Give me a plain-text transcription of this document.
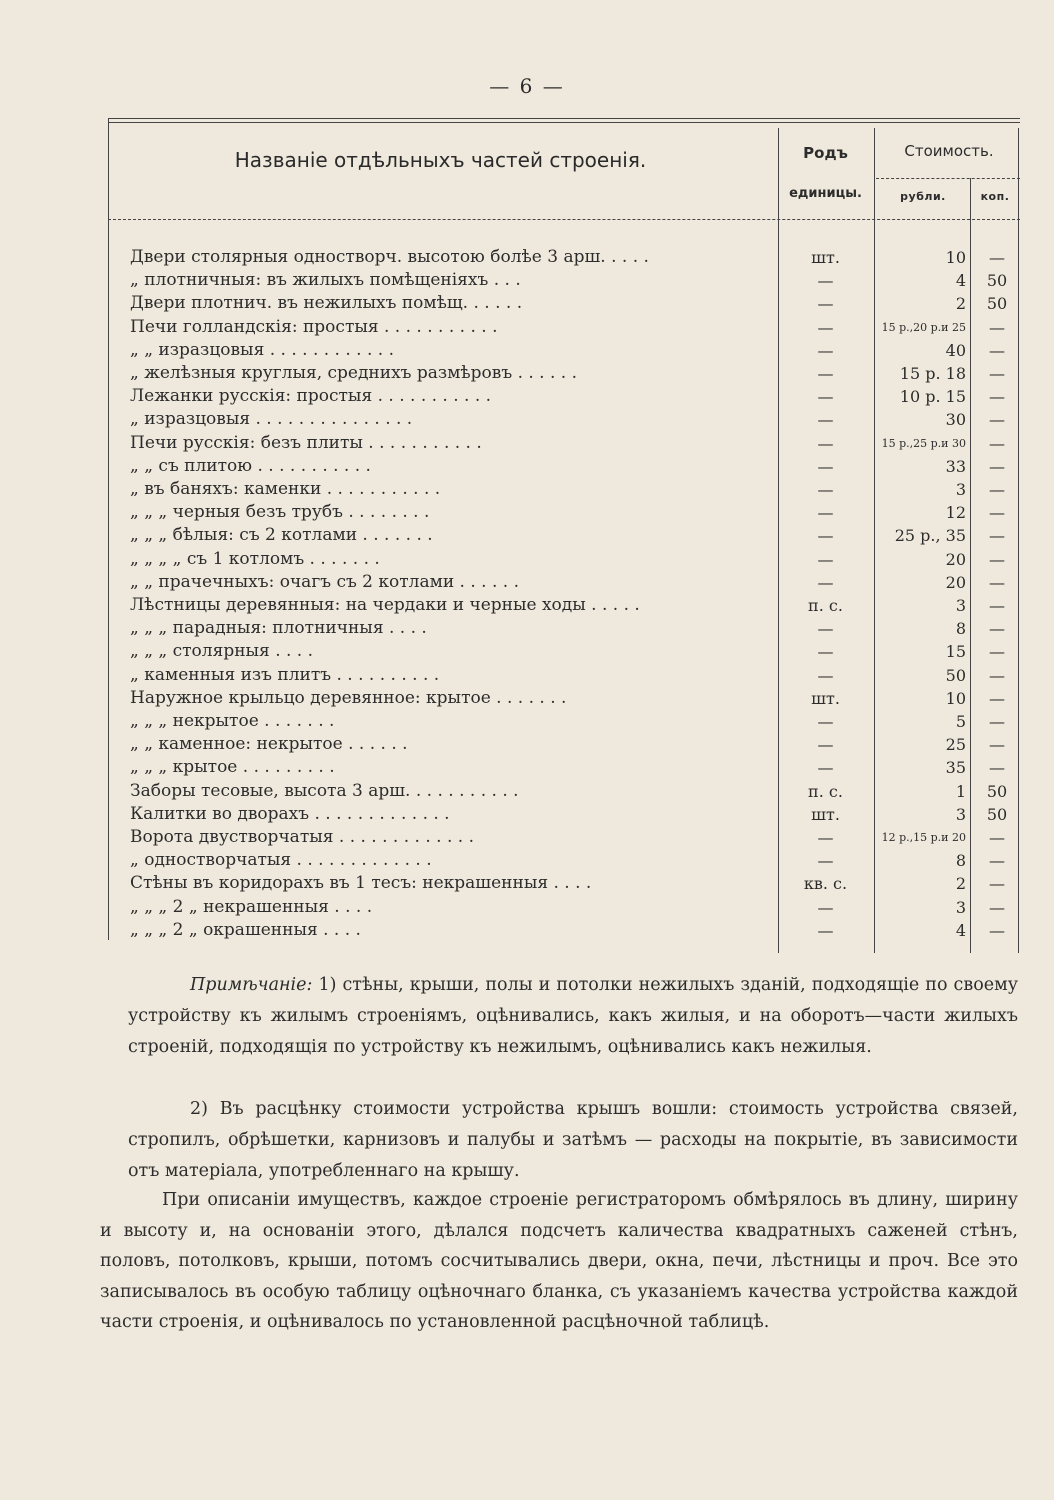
— 6 —
Названіе отдѣльныхъ частей строенія.	Родъ
единицы.
Стоимость.
рубли.	коп.
Двери столярныя одностворч. высотою болѣе 3 арш. . . . .	шт.	10	—
„ плотничныя: въ жилыхъ помѣщеніяхъ . . .	—	4	50
Двери плотнич. въ нежилыхъ помѣщ. . . . . .	—	2	50
Печи голландскія: простыя . . . . . . . . . . .	—	15 р.,20 р.и 25	—
„ „ изразцовыя . . . . . . . . . . . .	—	40	—
„ желѣзныя круглыя, среднихъ размѣровъ . . . . . .	—	15 р. 18	—
Лежанки русскія: простыя . . . . . . . . . . .	—	10 р. 15	—
„ изразцовыя . . . . . . . . . . . . . . .	—	30	—
Печи русскія: безъ плиты . . . . . . . . . . .	—	15 р.,25 р.и 30	—
„ „ съ плитою . . . . . . . . . . .	—	33	—
„ въ баняхъ: каменки . . . . . . . . . . .	—	3	—
„ „ „ черныя безъ трубъ . . . . . . . .	—	12	—
„ „ „ бѣлыя: съ 2 котлами . . . . . . .	—	25 р., 35	—
„ „ „ „ съ 1 котломъ . . . . . . .	—	20	—
„ „ прачечныхъ: очагъ съ 2 котлами . . . . . .	—	20	—
Лѣстницы деревянныя: на чердаки и черные ходы . . . . .	п. с.	3	—
„ „ „ парадныя: плотничныя . . . .	—	8	—
„ „ „ столярныя . . . .	—	15	—
„ каменныя изъ плитъ . . . . . . . . . .	—	50	—
Наружное крыльцо деревянное: крытое . . . . . . .	шт.	10	—
„ „ „ некрытое . . . . . . .	—	5	—
„ „ каменное: некрытое . . . . . .	—	25	—
„ „ „ крытое . . . . . . . . .	—	35	—
Заборы тесовые, высота 3 арш. . . . . . . . . . .	п. с.	1	50
Калитки во дворахъ . . . . . . . . . . . . .	шт.	3	50
Ворота двустворчатыя . . . . . . . . . . . . .	—	12 р.,15 р.и 20	—
„ одностворчатыя . . . . . . . . . . . . .	—	8	—
Стѣны въ коридорахъ въ 1 тесъ: некрашенныя . . . .	кв. с.	2	—
„ „ „ 2 „ некрашенныя . . . .	—	3	—
„ „ „ 2 „ окрашенныя . . . .	—	4	—
Примѣчаніе: 1) стѣны, крыши, полы и потолки нежилыхъ зданій, подходящіе по своему устройству къ жилымъ строеніямъ, оцѣнивались, какъ жилыя, и на оборотъ—части жилыхъ строеній, подходящія по устройству къ нежилымъ, оцѣнивались какъ нежилыя.
2) Въ расцѣнку стоимости устройства крышъ вошли: стоимость устройства связей, стропилъ, обрѣшетки, карнизовъ и палубы и затѣмъ — расходы на покрытіе, въ зависимости отъ матеріала, употребленнаго на крышу.
При описаніи имуществъ, каждое строеніе регистраторомъ обмѣрялось въ длину, ширину и высоту и, на основаніи этого, дѣлался подсчетъ каличества квадратныхъ саженей стѣнъ, половъ, потолковъ, крыши, потомъ сосчитывались двери, окна, печи, лѣстницы и проч. Все это записывалось въ особую таблицу оцѣночнаго бланка, съ указаніемъ качества устройства каждой части строенія, и оцѣнивалось по установленной расцѣночной таблицѣ.
